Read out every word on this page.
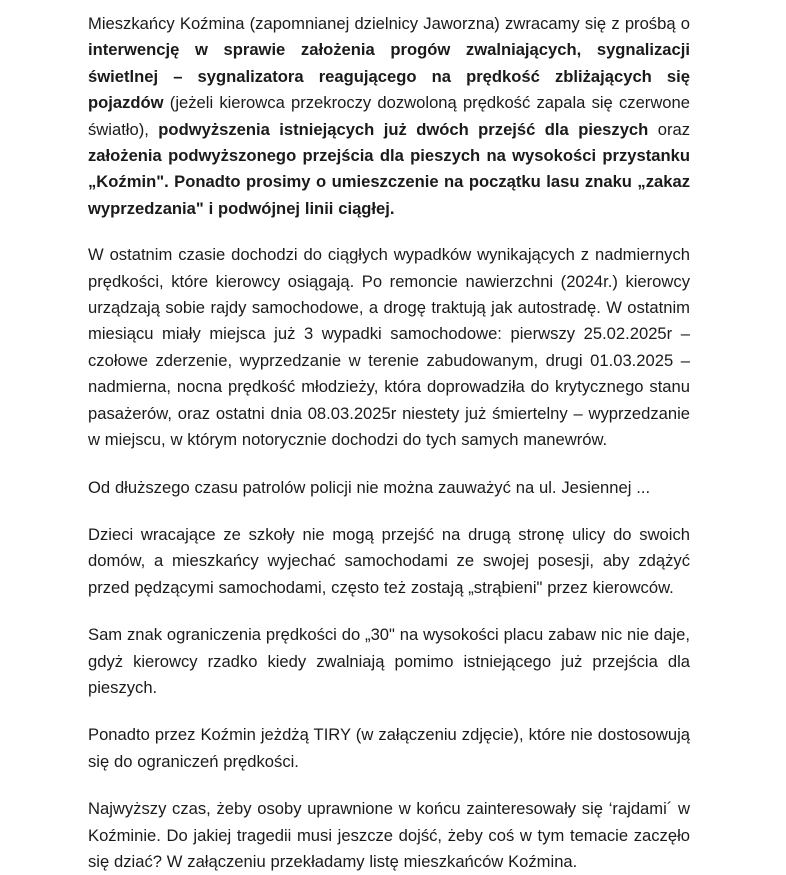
Mieszkańcy Koźmina (zapomnianej dzielnicy Jaworzna) zwracamy się z prośbą o interwencję w sprawie założenia progów zwalniających, sygnalizacji świetlnej – sygnalizatora reagującego na prędkość zbliżających się pojazdów (jeżeli kierowca przekroczy dozwoloną prędkość zapala się czerwone światło), podwyższenia istniejących już dwóch przejść dla pieszych oraz założenia podwyższonego przejścia dla pieszych na wysokości przystanku „Koźmin". Ponadto prosimy o umieszczenie na początku lasu znaku „zakaz wyprzedzania" i podwójnej linii ciągłej.

W ostatnim czasie dochodzi do ciągłych wypadków wynikających z nadmiernych prędkości, które kierowcy osiągają. Po remoncie nawierzchni (2024r.) kierowcy urządzają sobie rajdy samochodowe, a drogę traktują jak autostradę. W ostatnim miesiącu miały miejsca już 3 wypadki samochodowe: pierwszy 25.02.2025r – czołowe zderzenie, wyprzedzanie w terenie zabudowanym, drugi 01.03.2025 – nadmierna, nocna prędkość młodzieży, która doprowadziła do krytycznego stanu pasażerów, oraz ostatni dnia 08.03.2025r niestety już śmiertelny – wyprzedzanie w miejscu, w którym notorycznie dochodzi do tych samych manewrów.

Od dłuższego czasu patrolów policji nie można zauważyć na ul. Jesiennej ...

Dzieci wracające ze szkoły nie mogą przejść na drugą stronę ulicy do swoich domów, a mieszkańcy wyjechać samochodami ze swojej posesji, aby zdążyć przed pędzącymi samochodami, często też zostają „strąbieni" przez kierowców.

Sam znak ograniczenia prędkości do „30" na wysokości placu zabaw nic nie daje, gdyż kierowcy rzadko kiedy zwalniają pomimo istniejącego już przejścia dla pieszych.

Ponadto przez Koźmin jeżdżą TIRY (w załączeniu zdjęcie), które nie dostosowują się do ograniczeń prędkości.

Najwyższy czas, żeby osoby uprawnione w końcu zainteresowały się ‘rajdami´ w Koźminie. Do jakiej tragedii musi jeszcze dojść, żeby coś w tym temacie zaczęło się dziać? W załączeniu przekładamy listę mieszkańców Koźmina.
